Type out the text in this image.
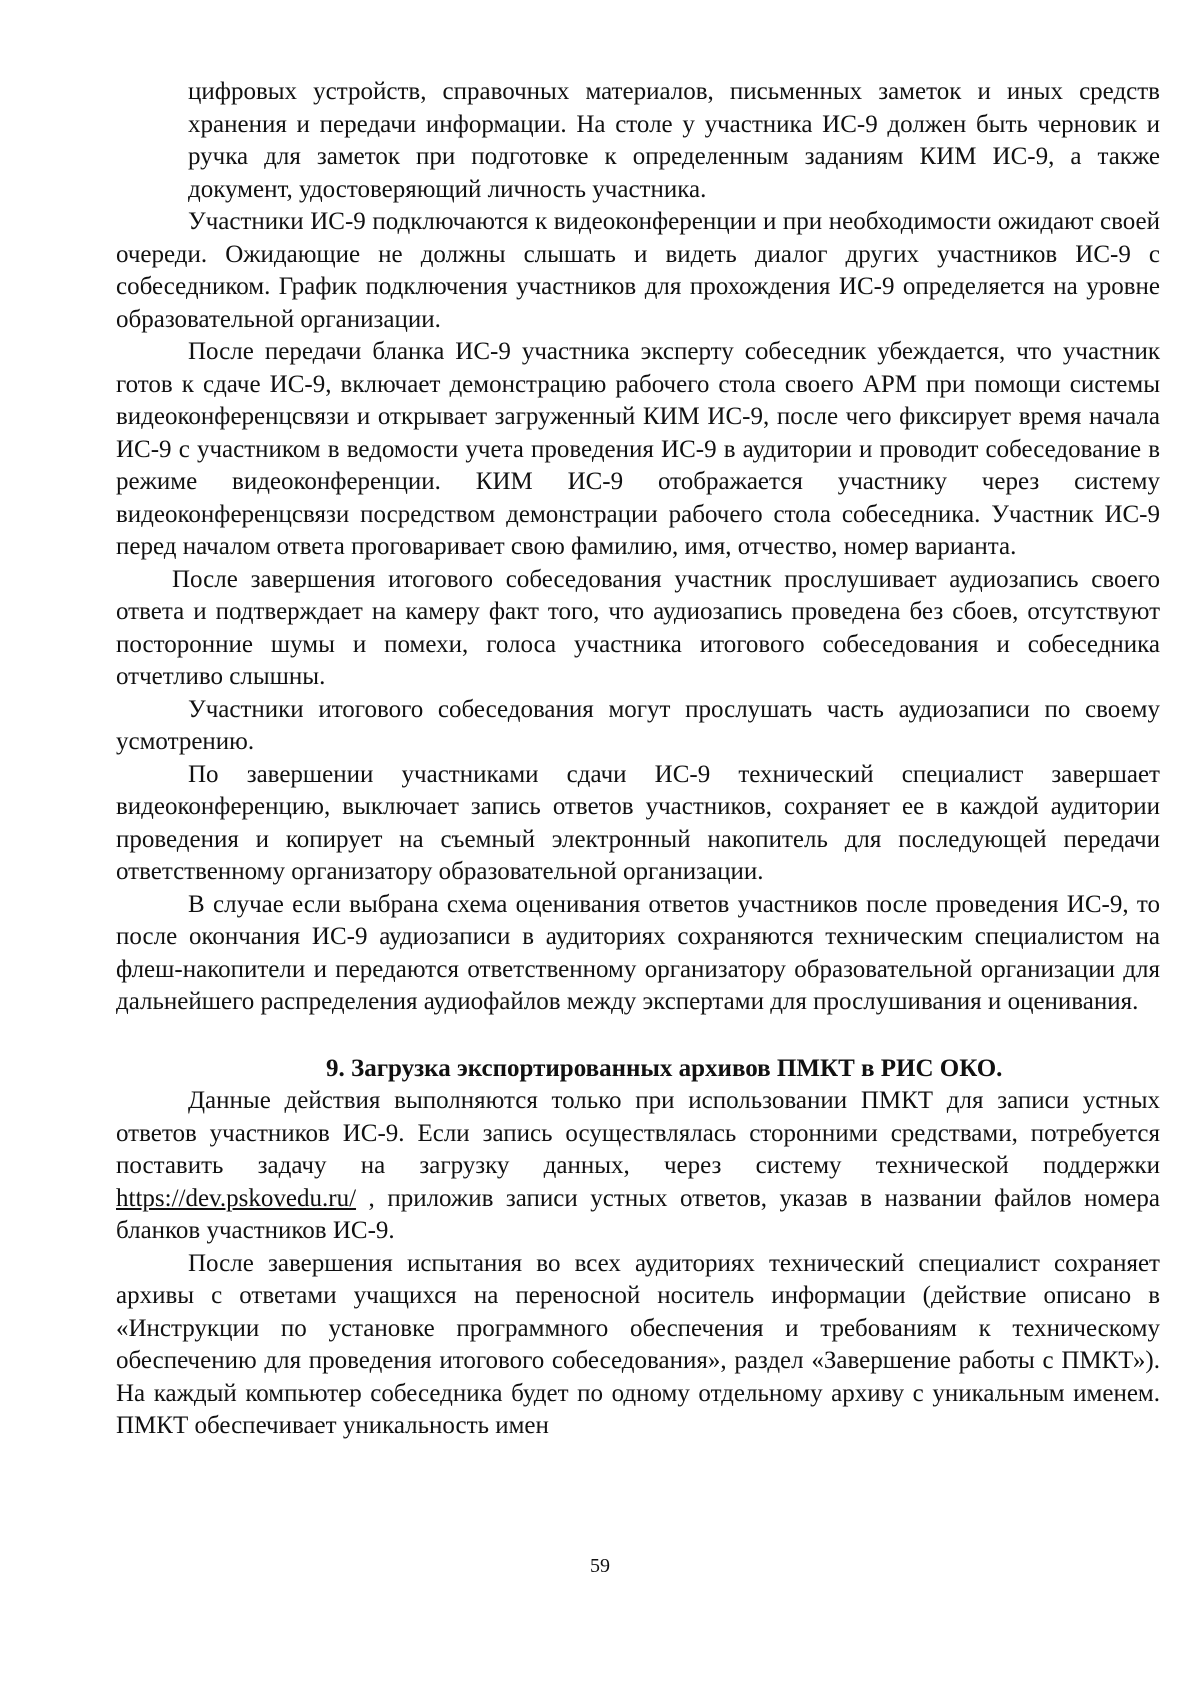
цифровых устройств, справочных материалов, письменных заметок и иных средств хранения и передачи информации. На столе у участника ИС-9 должен быть черновик и ручка для заметок при подготовке к определенным заданиям КИМ ИС-9, а также документ, удостоверяющий личность участника.

Участники ИС-9 подключаются к видеоконференции и при необходимости ожидают своей очереди. Ожидающие не должны слышать и видеть диалог других участников ИС-9 с собеседником. График подключения участников для прохождения ИС-9 определяется на уровне образовательной организации.

После передачи бланка ИС-9 участника эксперту собеседник убеждается, что участник готов к сдаче ИС-9, включает демонстрацию рабочего стола своего АРМ при помощи системы видеоконференцсвязи и открывает загруженный КИМ ИС-9, после чего фиксирует время начала ИС-9 с участником в ведомости учета проведения ИС-9 в аудитории и проводит собеседование в режиме видеоконференции. КИМ ИС-9 отображается участнику через систему видеоконференцсвязи посредством демонстрации рабочего стола собеседника. Участник ИС-9 перед началом ответа проговаривает свою фамилию, имя, отчество, номер варианта.

После завершения итогового собеседования участник прослушивает аудиозапись своего ответа и подтверждает на камеру факт того, что аудиозапись проведена без сбоев, отсутствуют посторонние шумы и помехи, голоса участника итогового собеседования и собеседника отчетливо слышны.

Участники итогового собеседования могут прослушать часть аудиозаписи по своему усмотрению.

По завершении участниками сдачи ИС-9 технический специалист завершает видеоконференцию, выключает запись ответов участников, сохраняет ее в каждой аудитории проведения и копирует на съемный электронный накопитель для последующей передачи ответственному организатору образовательной организации.

В случае если выбрана схема оценивания ответов участников после проведения ИС-9, то после окончания ИС-9 аудиозаписи в аудиториях сохраняются техническим специалистом на флеш-накопители и передаются ответственному организатору образовательной организации для дальнейшего распределения аудиофайлов между экспертами для прослушивания и оценивания.

9. Загрузка экспортированных архивов ПМКТ в РИС ОКО.

Данные действия выполняются только при использовании ПМКТ для записи устных ответов участников ИС-9. Если запись осуществлялась сторонними средствами, потребуется поставить задачу на загрузку данных, через систему технической поддержки https://dev.pskovedu.ru/ , приложив записи устных ответов, указав в названии файлов номера бланков участников ИС-9.

После завершения испытания во всех аудиториях технический специалист сохраняет архивы с ответами учащихся на переносной носитель информации (действие описано в «Инструкции по установке программного обеспечения и требованиям к техническому обеспечению для проведения итогового собеседования», раздел «Завершение работы с ПМКТ»). На каждый компьютер собеседника будет по одному отдельному архиву с уникальным именем. ПМКТ обеспечивает уникальность имен

59
